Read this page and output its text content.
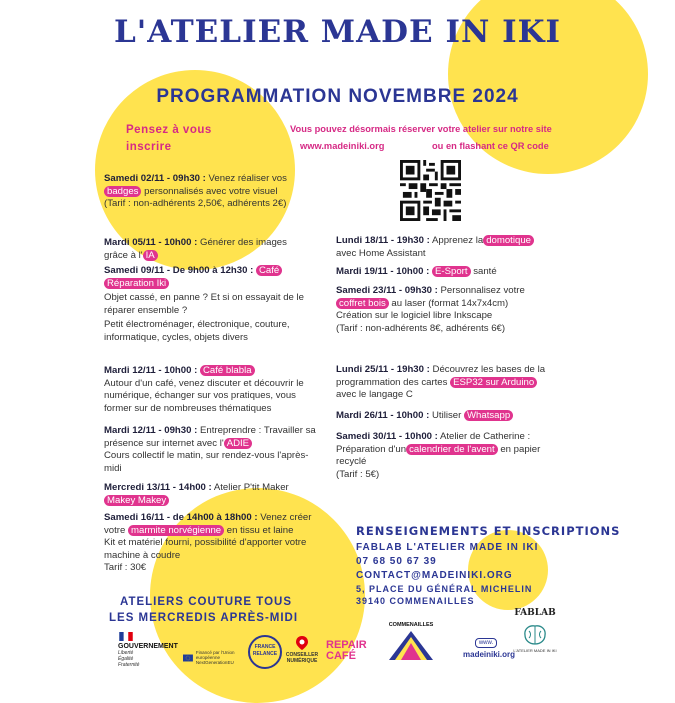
L'ATELIER MADE IN IKI
PROGRAMMATION NOVEMBRE 2024
Pensez à vous inscrire
Vous pouvez désormais réserver votre atelier sur notre site
www.madeiniki.org	ou en flashant ce QR code
Samedi 02/11 - 09h30 : Venez réaliser vos
badges personnalisés avec votre visuel
(Tarif : non-adhérents 2,50€, adhérents 2€)
Mardi 05/11 - 10h00 : Générer des images
grâce à l' IA
Samedi 09/11 - De 9h00 à 12h30 : Café
Réparation Iki
Objet cassé, en panne ? Et si on essayait de le réparer ensemble ?
Petit électroménager, électronique, couture, informatique, cycles, objets divers
Mardi 12/11 - 10h00 : Café blabla
Autour d'un café, venez discuter et découvrir le numérique, échanger sur vos pratiques, vous former sur de nombreuses thématiques
Mardi 12/11 - 09h30 : Entreprendre : Travailler sa présence sur internet avec l' ADIE
Cours collectif le matin, sur rendez-vous l'après-midi
Mercredi 13/11 - 14h00 : Atelier P'tit Maker
Makey Makey
Samedi 16/11 - de 14h00 à 18h00 : Venez créer votre marmite norvégienne en tissu et laine
Kit et matériel fourni, possibilité d'apporter votre machine à coudre
Tarif : 30€
Lundi 18/11 - 19h30 : Apprenez la domotique
avec Home Assistant
Mardi 19/11 - 10h00 : E-Sport santé
Samedi 23/11 - 09h30 : Personnalisez votre
coffret bois au laser (format 14x7x4cm)
Création sur le logiciel libre Inkscape
(Tarif : non-adhérents 8€, adhérents 6€)
Lundi 25/11 - 19h30 : Découvrez les bases de la programmation des cartes ESP32 sur Arduino
avec le langage C
Mardi 26/11 - 10h00 : Utiliser Whatsapp
Samedi 30/11 - 10h00 : Atelier de Catherine : Préparation d'un calendrier de l'avent en papier recyclé
(Tarif : 5€)
RENSEIGNEMENTS ET INSCRIPTIONS
FABLAB L'ATELIER MADE IN IKI
07 68 50 67 39
CONTACT@MADEINIKI.ORG
5, PLACE DU GÉNÉRAL MICHELIN
39140 COMMENAILLES
ATELIERS COUTURE TOUS
LES MERCREDIS APRÈS-MIDI
GOUVERNEMENT
Liberté Égalité Fraternité
Financé par l'Union européenne NextGenerationEU
FRANCE RELANCE	CONSEILLER NUMÉRIQUE
REPAIR
CAFÉ
COMMENAILLES
www.
madeiniki.org
FABLAB
L'ATELIER MADE IN IKI
